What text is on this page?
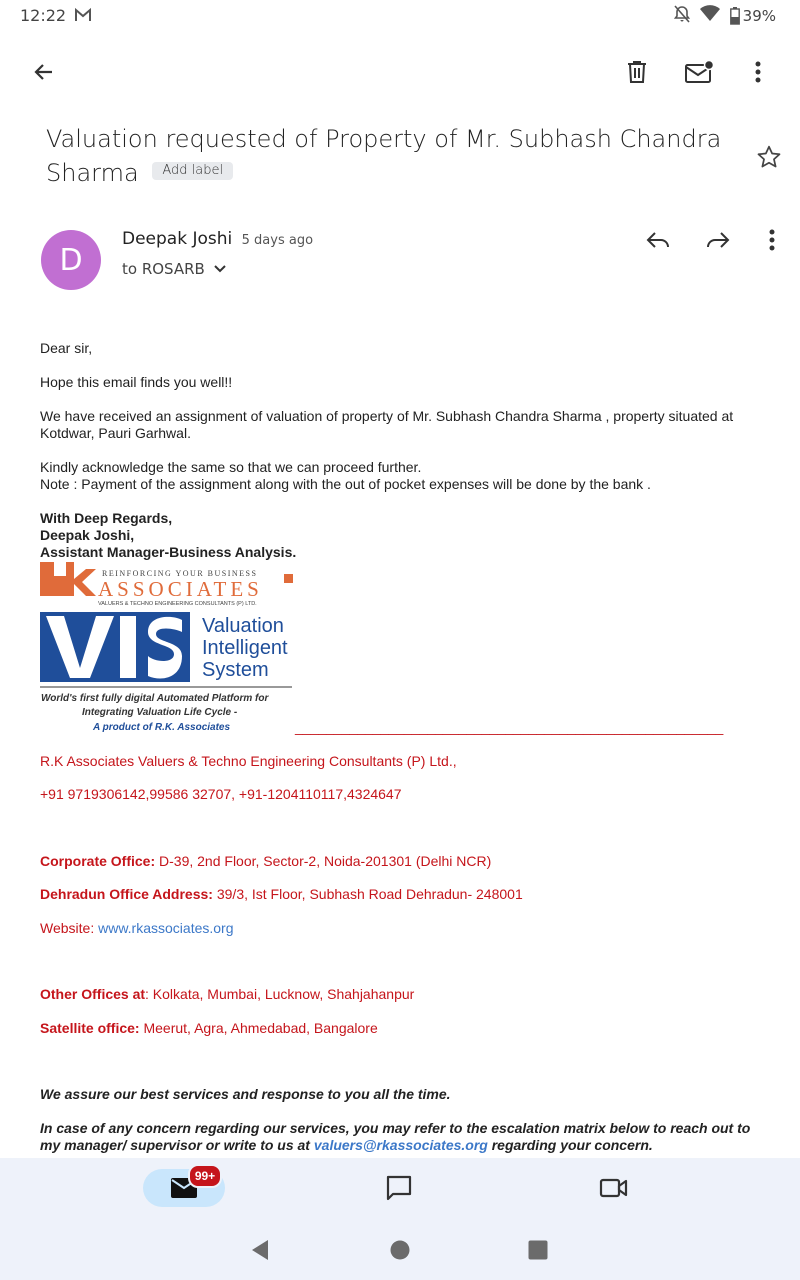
12:22	39%
Valuation requested of Property of Mr. Subhash Chandra Sharma Add label
D
Deepak Joshi 5 days ago
to ROSARB

Dear sir,

Hope this email finds you well!!

We have received an assignment of valuation of property of Mr. Subhash Chandra Sharma , property situated at Kotdwar, Pauri Garhwal.

Kindly acknowledge the same so that we can proceed further.

Note : Payment of the assignment along with the out of pocket expenses will be done by the bank .

With Deep Regards,

Deepak Joshi,

Assistant Manager-Business Analysis.

REINFORCING YOUR BUSINESS
ASSOCIATES
VALUERS & TECHNO ENGINEERING CONSULTANTS (P) LTD.
Valuation
Intelligent
System
World's first fully digital Automated Platform for
Integrating Valuation Life Cycle -
A product of R.K. Associates	_______________________________________________________
R.K Associates Valuers & Techno Engineering Consultants (P) Ltd.,
+91 9719306142,99586 32707, +91-1204110117,4324647
Corporate Office: D-39, 2nd Floor, Sector-2, Noida-201301 (Delhi NCR)
Dehradun Office Address: 39/3, Ist Floor, Subhash Road Dehradun- 248001
Website: www.rkassociates.org
Other Offices at: Kolkata, Mumbai, Lucknow, Shahjahanpur
Satellite office: Meerut, Agra, Ahmedabad, Bangalore
We assure our best services and response to you all the time.
In case of any concern regarding our services, you may refer to the escalation matrix below to reach out to my manager/ supervisor or write to us at valuers@rkassociates.org regarding your concern.
99+
